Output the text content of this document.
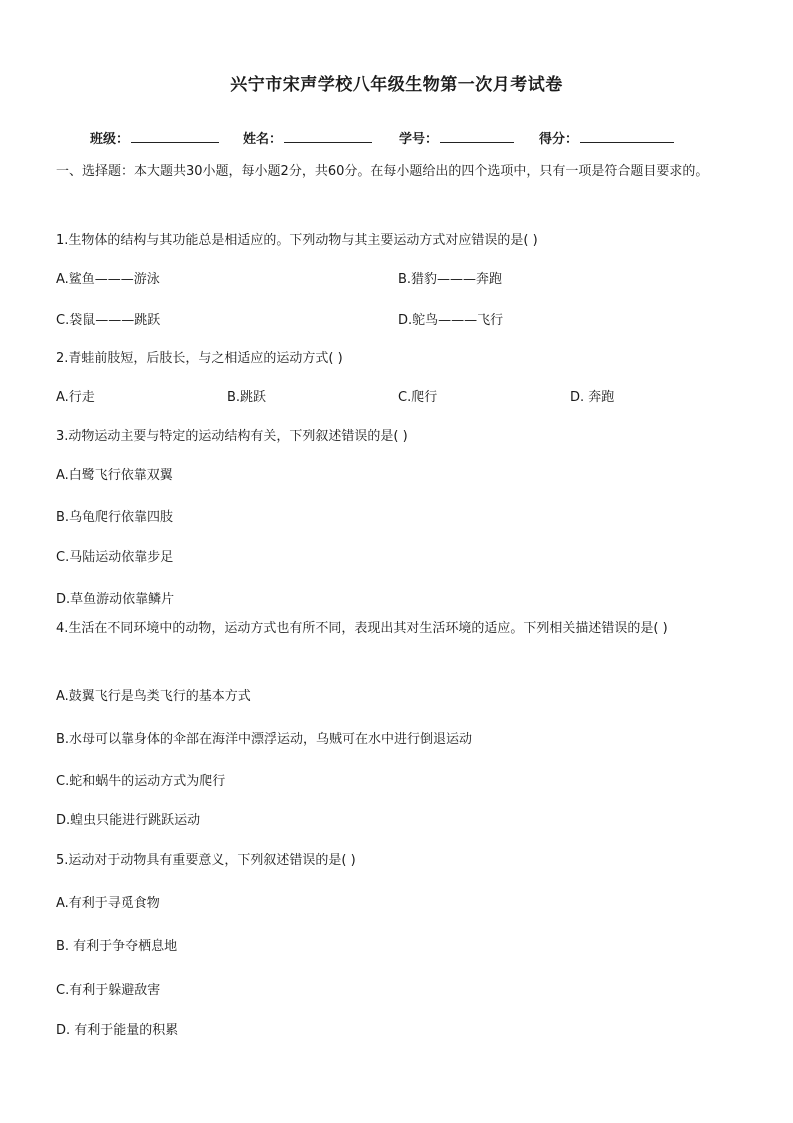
兴宁市宋声学校八年级生物第一次月考试卷
班级：	姓名：	学号：	得分：
一、选择题：本大题共30小题，每小题2分，共60分。在每小题给出的四个选项中，只有一项是符合题目要求的。
1.生物体的结构与其功能总是相适应的。下列动物与其主要运动方式对应错误的是( )
A.鲨鱼———游泳	B.猎豹———奔跑
C.袋鼠———跳跃	D.鸵鸟———飞行
2.青蛙前肢短，后肢长，与之相适应的运动方式( )
A.行走	B.跳跃	C.爬行	D. 奔跑
3.动物运动主要与特定的运动结构有关，下列叙述错误的是( )
A.白鹭飞行依靠双翼
B.乌龟爬行依靠四肢
C.马陆运动依靠步足
D.草鱼游动依靠鳞片
4.生活在不同环境中的动物，运动方式也有所不同，表现出其对生活环境的适应。下列相关描述错误的是( )
A.鼓翼飞行是鸟类飞行的基本方式
B.水母可以靠身体的伞部在海洋中漂浮运动，乌贼可在水中进行倒退运动
C.蛇和蜗牛的运动方式为爬行
D.蝗虫只能进行跳跃运动
5.运动对于动物具有重要意义，下列叙述错误的是( )
A.有利于寻觅食物
B. 有利于争夺栖息地
C.有利于躲避敌害
D. 有利于能量的积累
